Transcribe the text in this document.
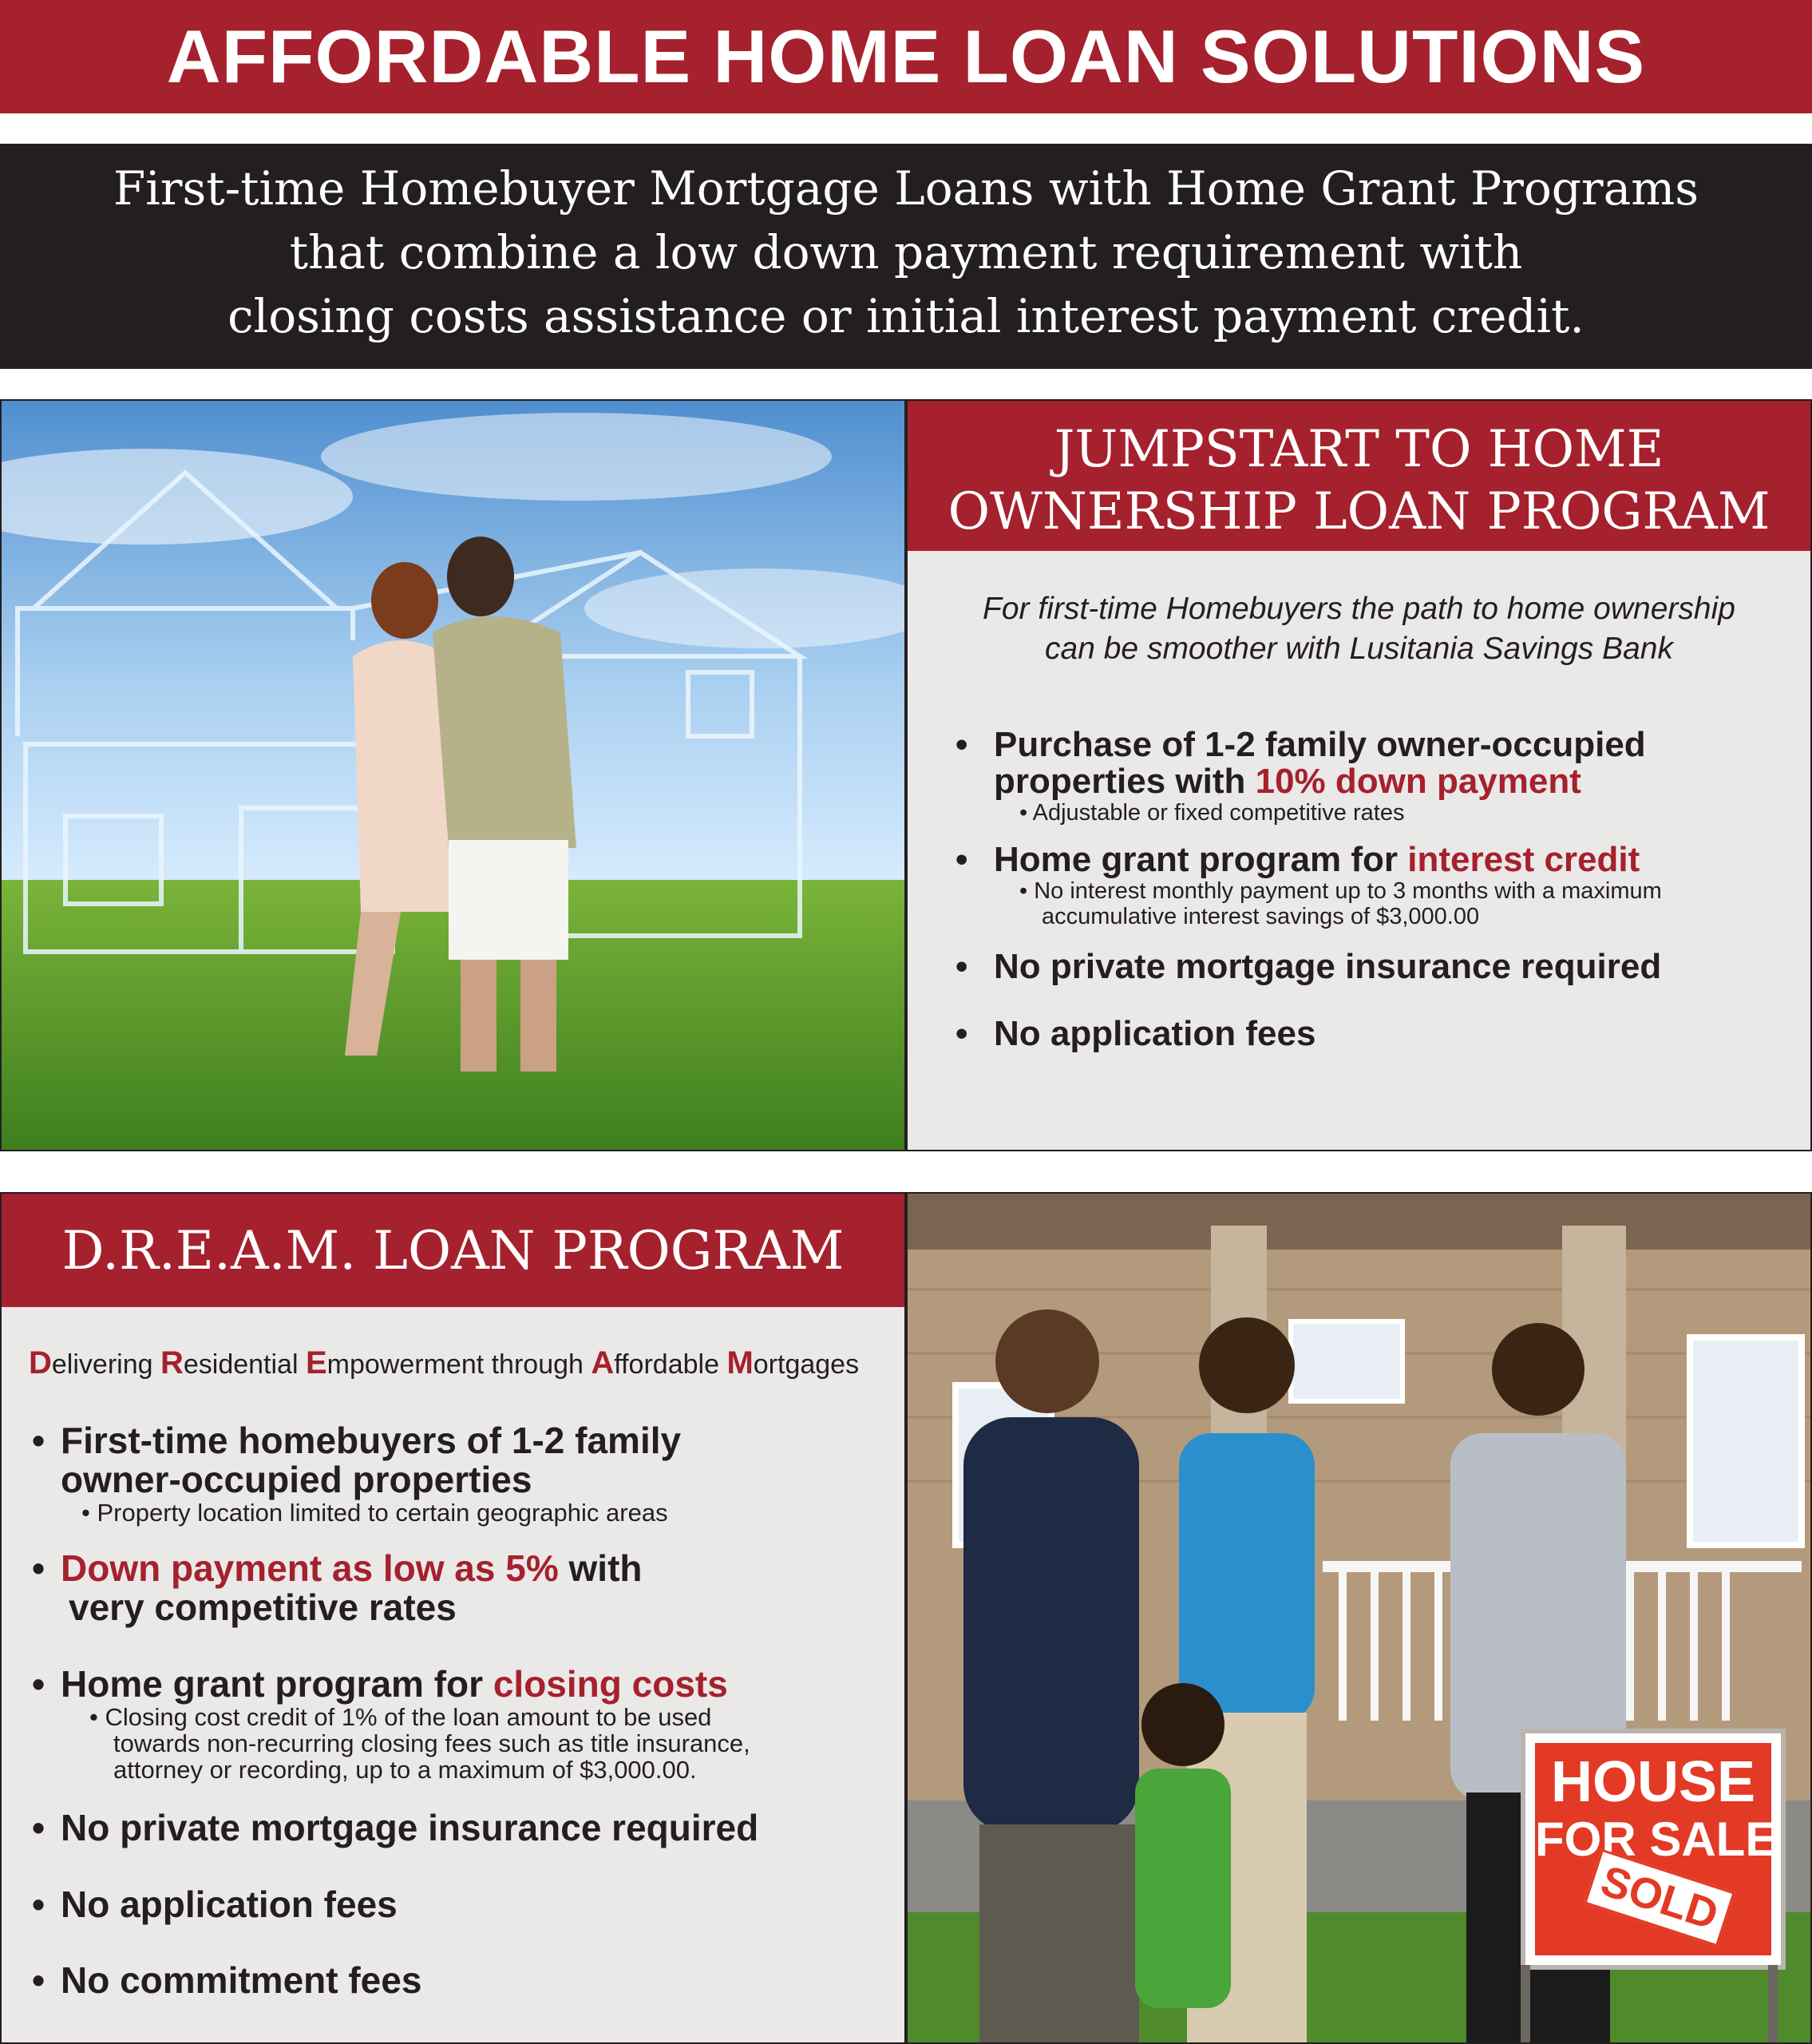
AFFORDABLE HOME LOAN SOLUTIONS
First-time Homebuyer Mortgage Loans with Home Grant Programs
that combine a low down payment requirement with
closing costs assistance or initial interest payment credit.
JUMPSTART TO HOME
OWNERSHIP LOAN PROGRAM
For first-time Homebuyers the path to home ownership
can be smoother with Lusitania Savings Bank
• Purchase of 1-2 family owner-occupied
properties with 10% down payment
• Adjustable or fixed competitive rates
• Home grant program for interest credit
• No interest monthly payment up to 3 months with a maximum
accumulative interest savings of $3,000.00
• No private mortgage insurance required
• No application fees
D.R.E.A.M. LOAN PROGRAM
Delivering Residential Empowerment through Affordable Mortgages
• First-time homebuyers of 1-2 family
owner-occupied properties
• Property location limited to certain geographic areas
• Down payment as low as 5% with
very competitive rates
• Home grant program for closing costs
• Closing cost credit of 1% of the loan amount to be used
towards non-recurring closing fees such as title insurance,
attorney or recording, up to a maximum of $3,000.00.
• No private mortgage insurance required
• No application fees
• No commitment fees
HOUSE
FOR SALE
SOLD
